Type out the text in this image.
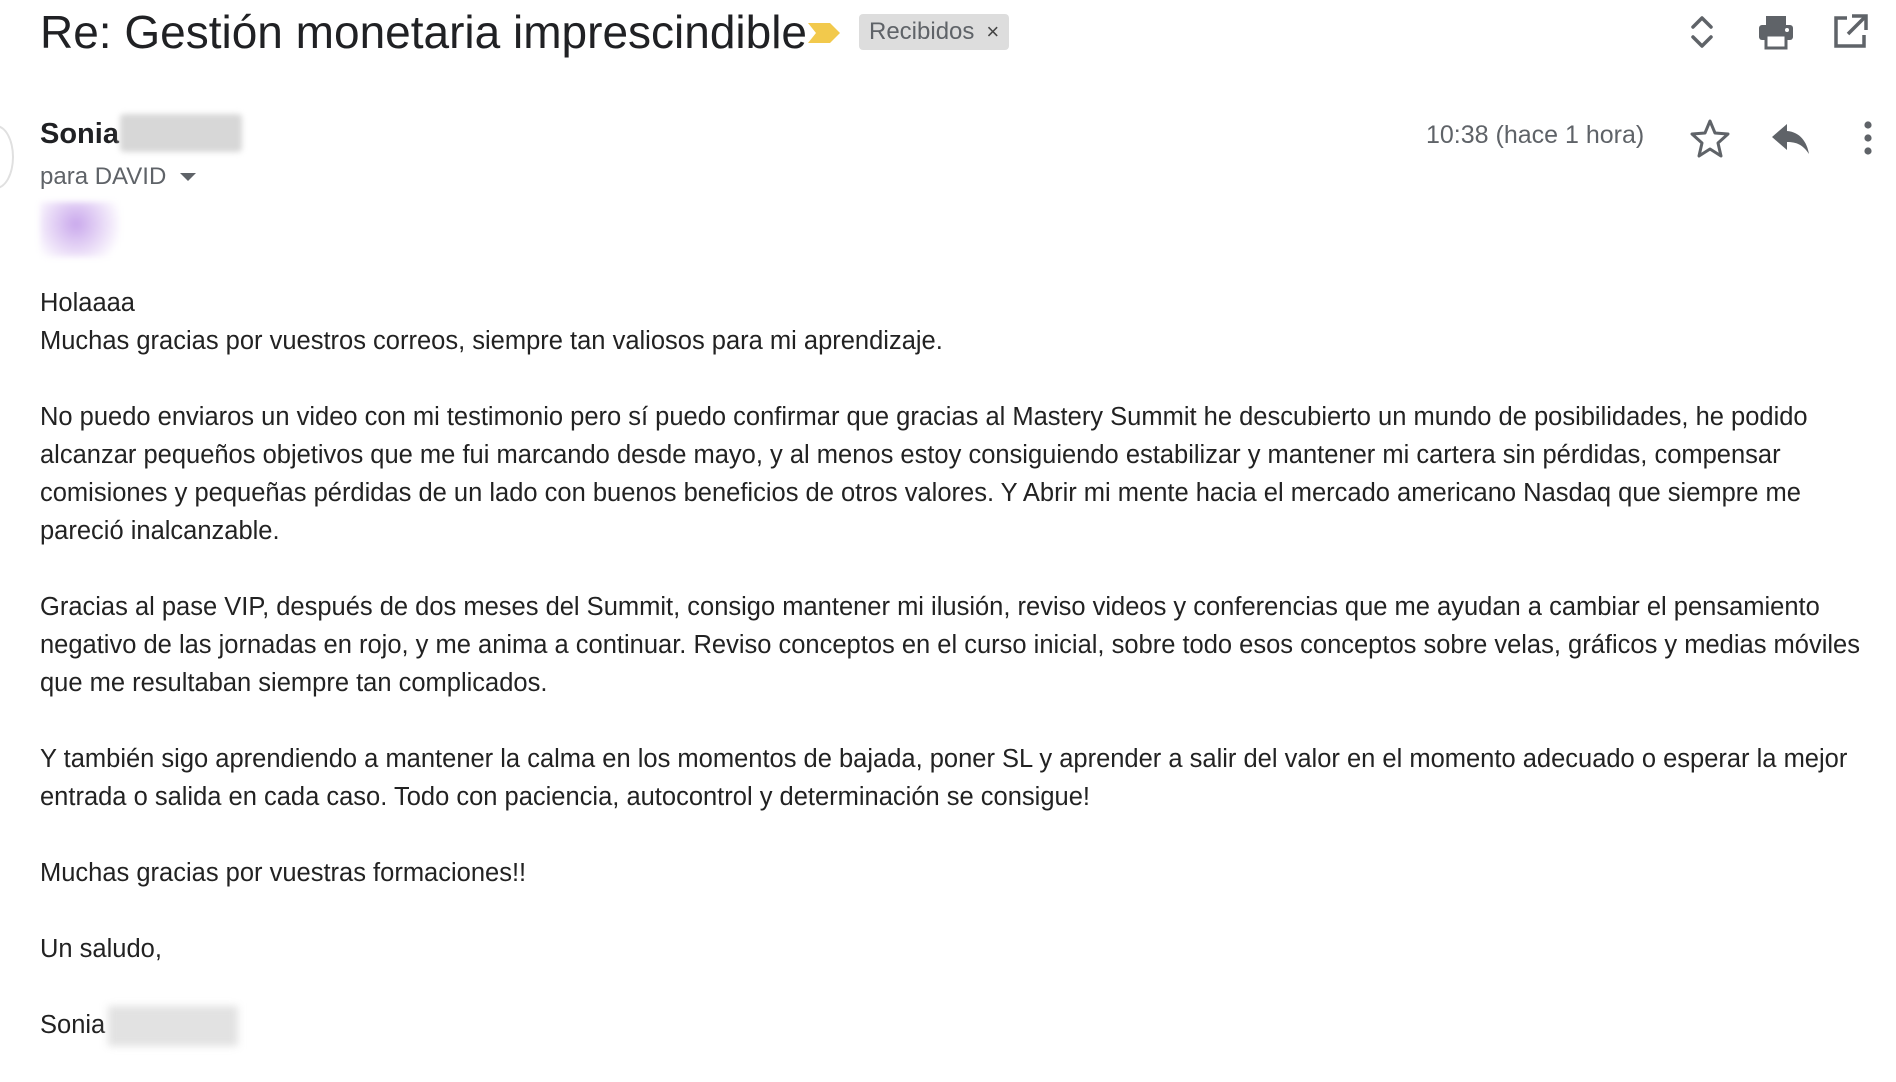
Re: Gestión monetaria imprescindible	Recibidos ×
Sonia
para DAVID
10:38 (hace 1 hora)

Holaaaa

Muchas gracias por vuestros correos, siempre tan valiosos para mi aprendizaje.

No puedo enviaros un video con mi testimonio pero sí puedo confirmar que gracias al Mastery Summit he descubierto un mundo de posibilidades, he podido alcanzar pequeños objetivos que me fui marcando desde mayo, y al menos estoy consiguiendo estabilizar y mantener mi cartera sin pérdidas, compensar comisiones y pequeñas pérdidas de un lado con buenos beneficios de otros valores. Y Abrir mi mente hacia el mercado americano Nasdaq que siempre me pareció inalcanzable.

Gracias al pase VIP, después de dos meses del Summit, consigo mantener mi ilusión, reviso videos y conferencias que me ayudan a cambiar el pensamiento negativo de las jornadas en rojo, y me anima a continuar. Reviso conceptos en el curso inicial, sobre todo esos conceptos sobre velas, gráficos y medias móviles que me resultaban siempre tan complicados.

Y también sigo aprendiendo a mantener la calma en los momentos de bajada, poner SL y aprender a salir del valor en el momento adecuado o esperar la mejor entrada o salida en cada caso. Todo con paciencia, autocontrol y determinación se consigue!

Muchas gracias por vuestras formaciones!!

Un saludo,

Sonia
